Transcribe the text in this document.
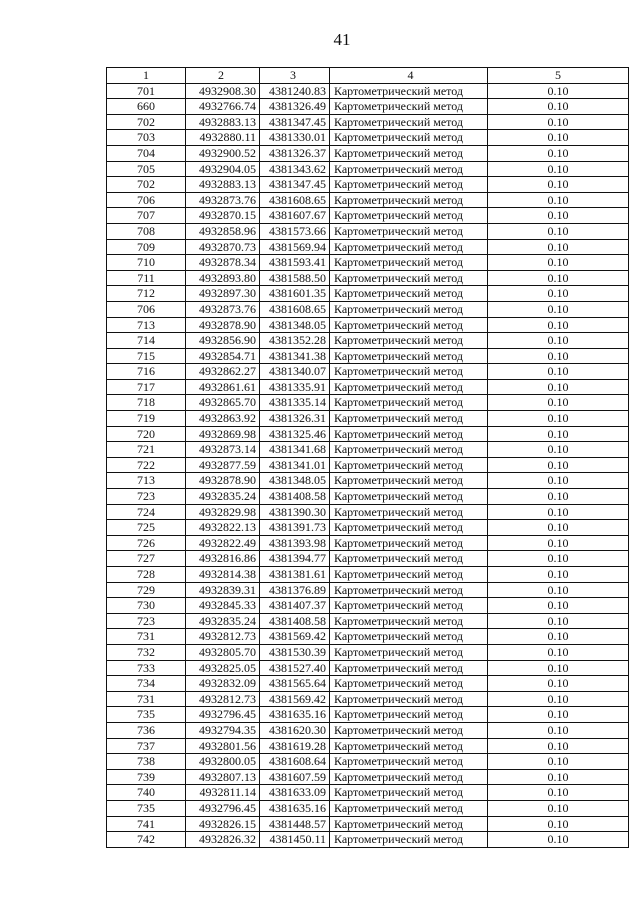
41
1	2	3	4	5
701	4932908.30	4381240.83	Картометрический метод	0.10
660	4932766.74	4381326.49	Картометрический метод	0.10
702	4932883.13	4381347.45	Картометрический метод	0.10
703	4932880.11	4381330.01	Картометрический метод	0.10
704	4932900.52	4381326.37	Картометрический метод	0.10
705	4932904.05	4381343.62	Картометрический метод	0.10
702	4932883.13	4381347.45	Картометрический метод	0.10
706	4932873.76	4381608.65	Картометрический метод	0.10
707	4932870.15	4381607.67	Картометрический метод	0.10
708	4932858.96	4381573.66	Картометрический метод	0.10
709	4932870.73	4381569.94	Картометрический метод	0.10
710	4932878.34	4381593.41	Картометрический метод	0.10
711	4932893.80	4381588.50	Картометрический метод	0.10
712	4932897.30	4381601.35	Картометрический метод	0.10
706	4932873.76	4381608.65	Картометрический метод	0.10
713	4932878.90	4381348.05	Картометрический метод	0.10
714	4932856.90	4381352.28	Картометрический метод	0.10
715	4932854.71	4381341.38	Картометрический метод	0.10
716	4932862.27	4381340.07	Картометрический метод	0.10
717	4932861.61	4381335.91	Картометрический метод	0.10
718	4932865.70	4381335.14	Картометрический метод	0.10
719	4932863.92	4381326.31	Картометрический метод	0.10
720	4932869.98	4381325.46	Картометрический метод	0.10
721	4932873.14	4381341.68	Картометрический метод	0.10
722	4932877.59	4381341.01	Картометрический метод	0.10
713	4932878.90	4381348.05	Картометрический метод	0.10
723	4932835.24	4381408.58	Картометрический метод	0.10
724	4932829.98	4381390.30	Картометрический метод	0.10
725	4932822.13	4381391.73	Картометрический метод	0.10
726	4932822.49	4381393.98	Картометрический метод	0.10
727	4932816.86	4381394.77	Картометрический метод	0.10
728	4932814.38	4381381.61	Картометрический метод	0.10
729	4932839.31	4381376.89	Картометрический метод	0.10
730	4932845.33	4381407.37	Картометрический метод	0.10
723	4932835.24	4381408.58	Картометрический метод	0.10
731	4932812.73	4381569.42	Картометрический метод	0.10
732	4932805.70	4381530.39	Картометрический метод	0.10
733	4932825.05	4381527.40	Картометрический метод	0.10
734	4932832.09	4381565.64	Картометрический метод	0.10
731	4932812.73	4381569.42	Картометрический метод	0.10
735	4932796.45	4381635.16	Картометрический метод	0.10
736	4932794.35	4381620.30	Картометрический метод	0.10
737	4932801.56	4381619.28	Картометрический метод	0.10
738	4932800.05	4381608.64	Картометрический метод	0.10
739	4932807.13	4381607.59	Картометрический метод	0.10
740	4932811.14	4381633.09	Картометрический метод	0.10
735	4932796.45	4381635.16	Картометрический метод	0.10
741	4932826.15	4381448.57	Картометрический метод	0.10
742	4932826.32	4381450.11	Картометрический метод	0.10
